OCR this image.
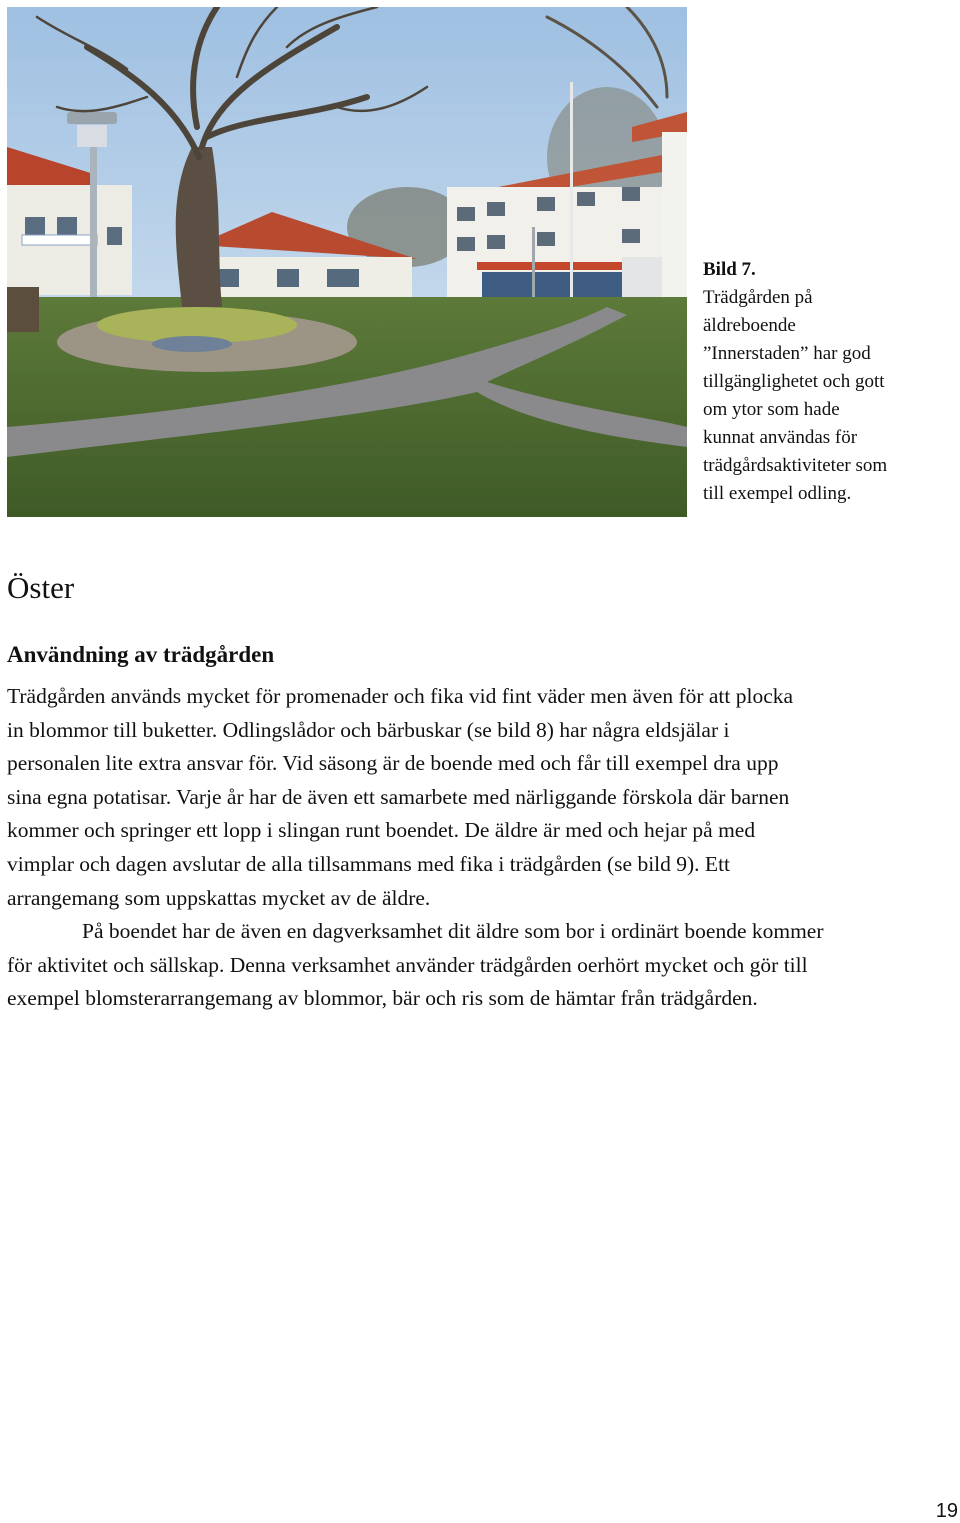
Bild 7.
Trädgården på
äldreboende
”Innerstaden” har god
tillgänglighetet och gott
om ytor som hade
kunnat användas för
trädgårdsaktiviteter som
till exempel odling.
Öster
Användning av trädgården
Trädgården används mycket för promenader och fika vid fint väder men även för att plocka
in blommor till buketter. Odlingslådor och bärbuskar (se bild 8) har några eldsjälar i
personalen lite extra ansvar för. Vid säsong är de boende med och får till exempel dra upp
sina egna potatisar. Varje år har de även ett samarbete med närliggande förskola där barnen
kommer och springer ett lopp i slingan runt boendet. De äldre är med och hejar på med
vimplar och dagen avslutar de alla tillsammans med fika i trädgården (se bild 9). Ett
arrangemang som uppskattas mycket av de äldre.
På boendet har de även en dagverksamhet dit äldre som bor i ordinärt boende kommer
för aktivitet och sällskap. Denna verksamhet använder trädgården oerhört mycket och gör till
exempel blomsterarrangemang av blommor, bär och ris som de hämtar från trädgården.
19
